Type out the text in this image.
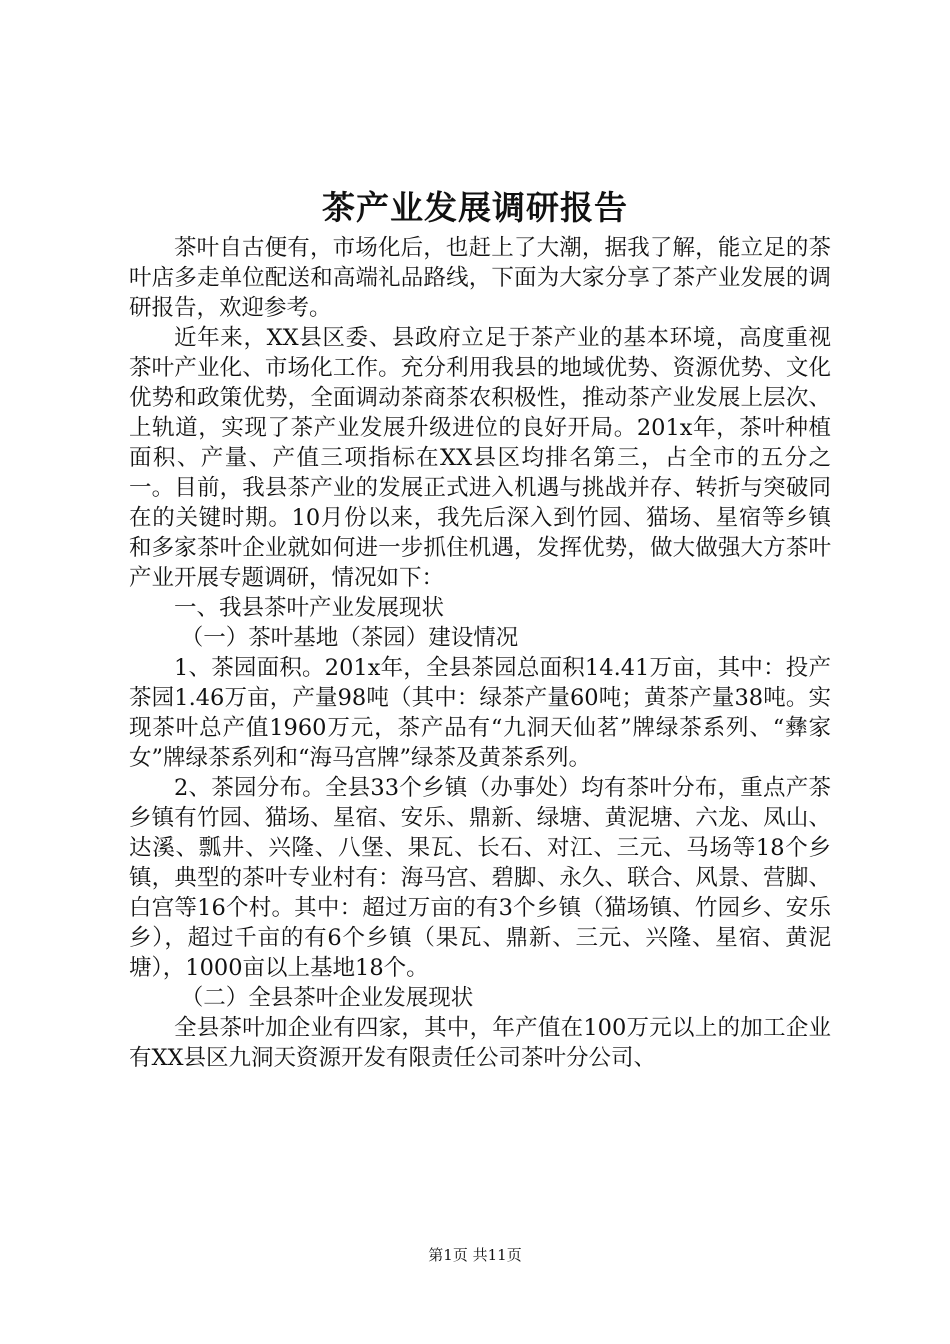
茶产业发展调研报告

茶叶自古便有，市场化后，也赶上了大潮，据我了解，能立足的茶叶店多走单位配送和高端礼品路线，下面为大家分享了茶产业发展的调研报告，欢迎参考。

近年来，XX县区委、县政府立足于茶产业的基本环境，高度重视茶叶产业化、市场化工作。充分利用我县的地域优势、资源优势、文化优势和政策优势，全面调动茶商茶农积极性，推动茶产业发展上层次、上轨道，实现了茶产业发展升级进位的良好开局。201x年，茶叶种植面积、产量、产值三项指标在XX县区均排名第三，占全市的五分之一。目前，我县茶产业的发展正式进入机遇与挑战并存、转折与突破同在的关键时期。10月份以来，我先后深入到竹园、猫场、星宿等乡镇和多家茶叶企业就如何进一步抓住机遇，发挥优势，做大做强大方茶叶产业开展专题调研，情况如下：

一、我县茶叶产业发展现状

（一）茶叶基地（茶园）建设情况

1、茶园面积。201x年，全县茶园总面积14.41万亩，其中：投产茶园1.46万亩，产量98吨（其中：绿茶产量60吨；黄茶产量38吨。实现茶叶总产值1960万元，茶产品有“九洞天仙茗”牌绿茶系列、“彝家女”牌绿茶系列和“海马宫牌”绿茶及黄茶系列。

2、茶园分布。全县33个乡镇（办事处）均有茶叶分布，重点产茶乡镇有竹园、猫场、星宿、安乐、鼎新、绿塘、黄泥塘、六龙、凤山、达溪、瓢井、兴隆、八堡、果瓦、长石、对江、三元、马场等18个乡镇，典型的茶叶专业村有：海马宫、碧脚、永久、联合、风景、营脚、白宫等16个村。其中：超过万亩的有3个乡镇（猫场镇、竹园乡、安乐乡），超过千亩的有6个乡镇（果瓦、鼎新、三元、兴隆、星宿、黄泥塘），1000亩以上基地18个。

（二）全县茶叶企业发展现状

全县茶叶加企业有四家，其中，年产值在100万元以上的加工企业有XX县区九洞天资源开发有限责任公司茶叶分公司、

第1页 共11页
